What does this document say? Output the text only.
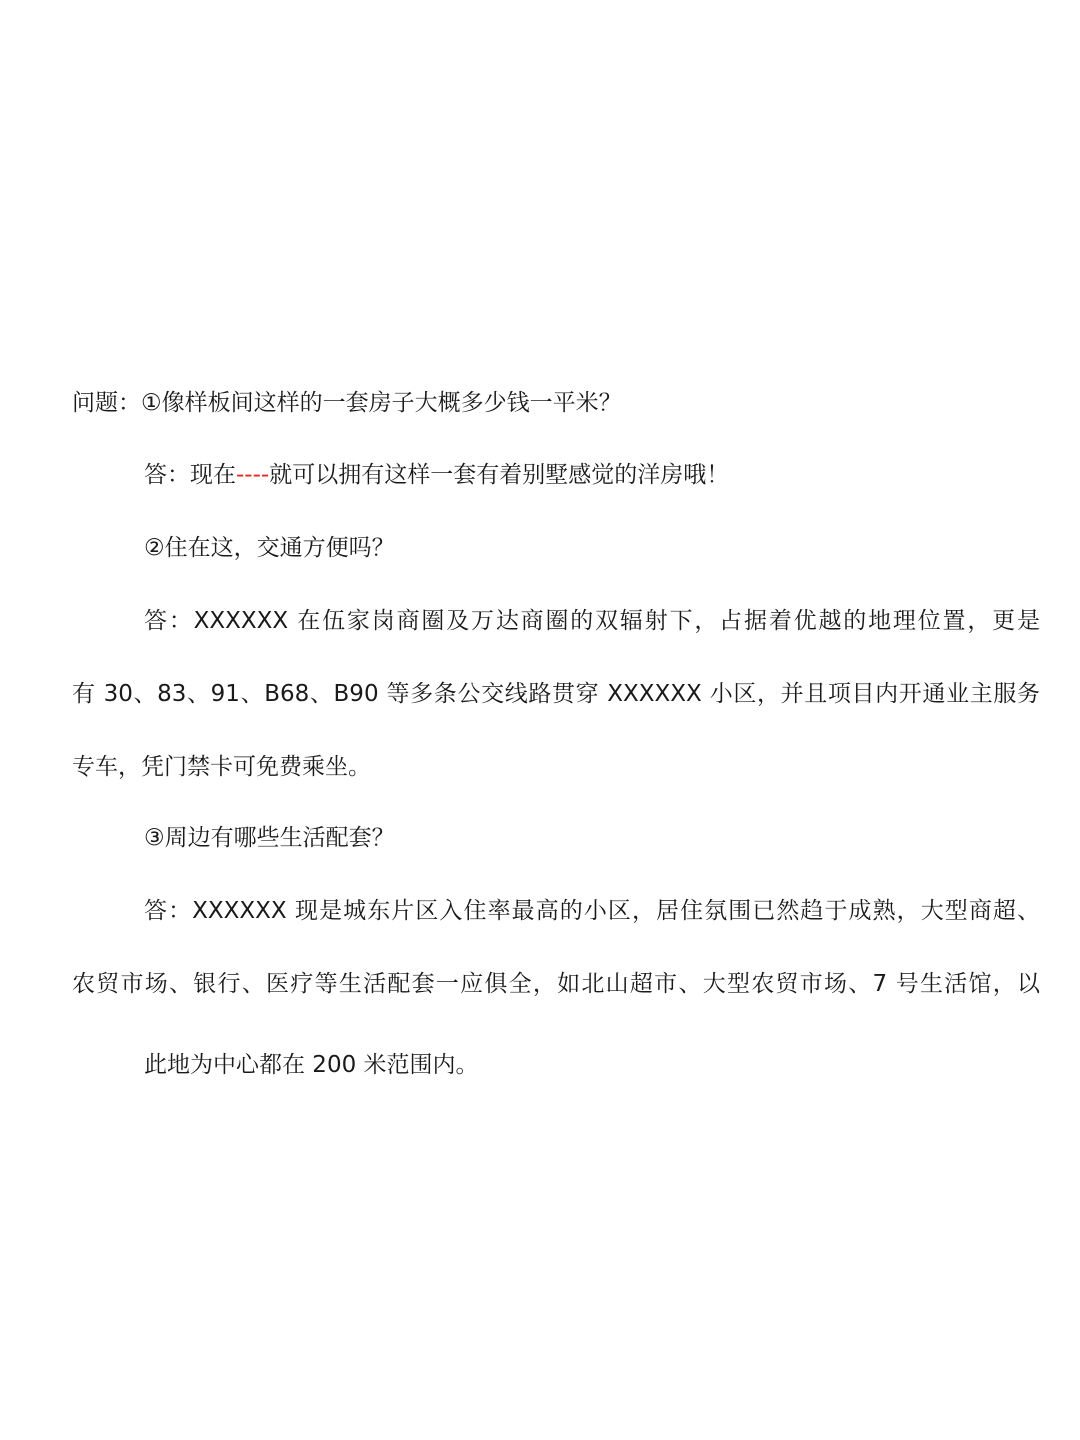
问题：①像样板间这样的一套房子大概多少钱一平米？
答：现在----就可以拥有这样一套有着别墅感觉的洋房哦！
②住在这，交通方便吗？
答：XXXXXX 在伍家岗商圈及万达商圈的双辐射下，占据着优越的地理位置，更是
有 30、83、91、B68、B90 等多条公交线路贯穿 XXXXXX 小区，并且项目内开通业主服务
专车，凭门禁卡可免费乘坐。
③周边有哪些生活配套？
答：XXXXXX 现是城东片区入住率最高的小区，居住氛围已然趋于成熟，大型商超、
农贸市场、银行、医疗等生活配套一应俱全，如北山超市、大型农贸市场、7 号生活馆，以
此地为中心都在 200 米范围内。
